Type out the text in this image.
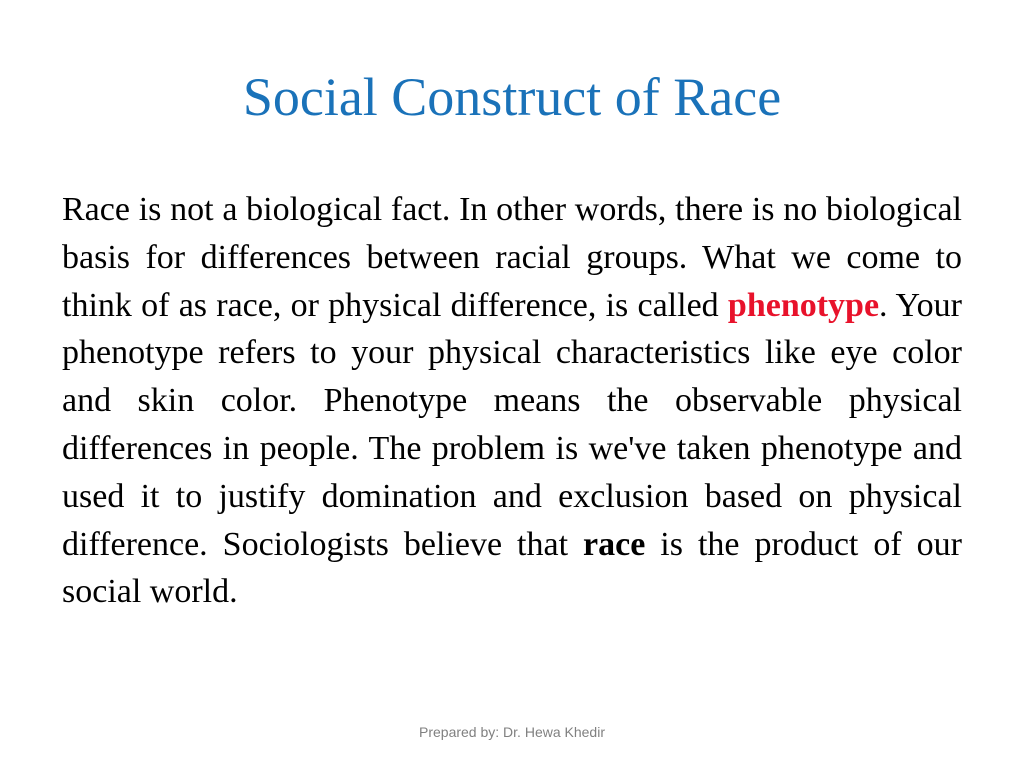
Social Construct of Race

Race is not a biological fact. In other words, there is no biological basis for differences between racial groups. What we come to think of as race, or physical difference, is called phenotype. Your phenotype refers to your physical characteristics like eye color and skin color. Phenotype means the observable physical differences in people. The problem is we've taken phenotype and used it to justify domination and exclusion based on physical difference. Sociologists believe that race is the product of our social world.

Prepared by: Dr. Hewa Khedir
